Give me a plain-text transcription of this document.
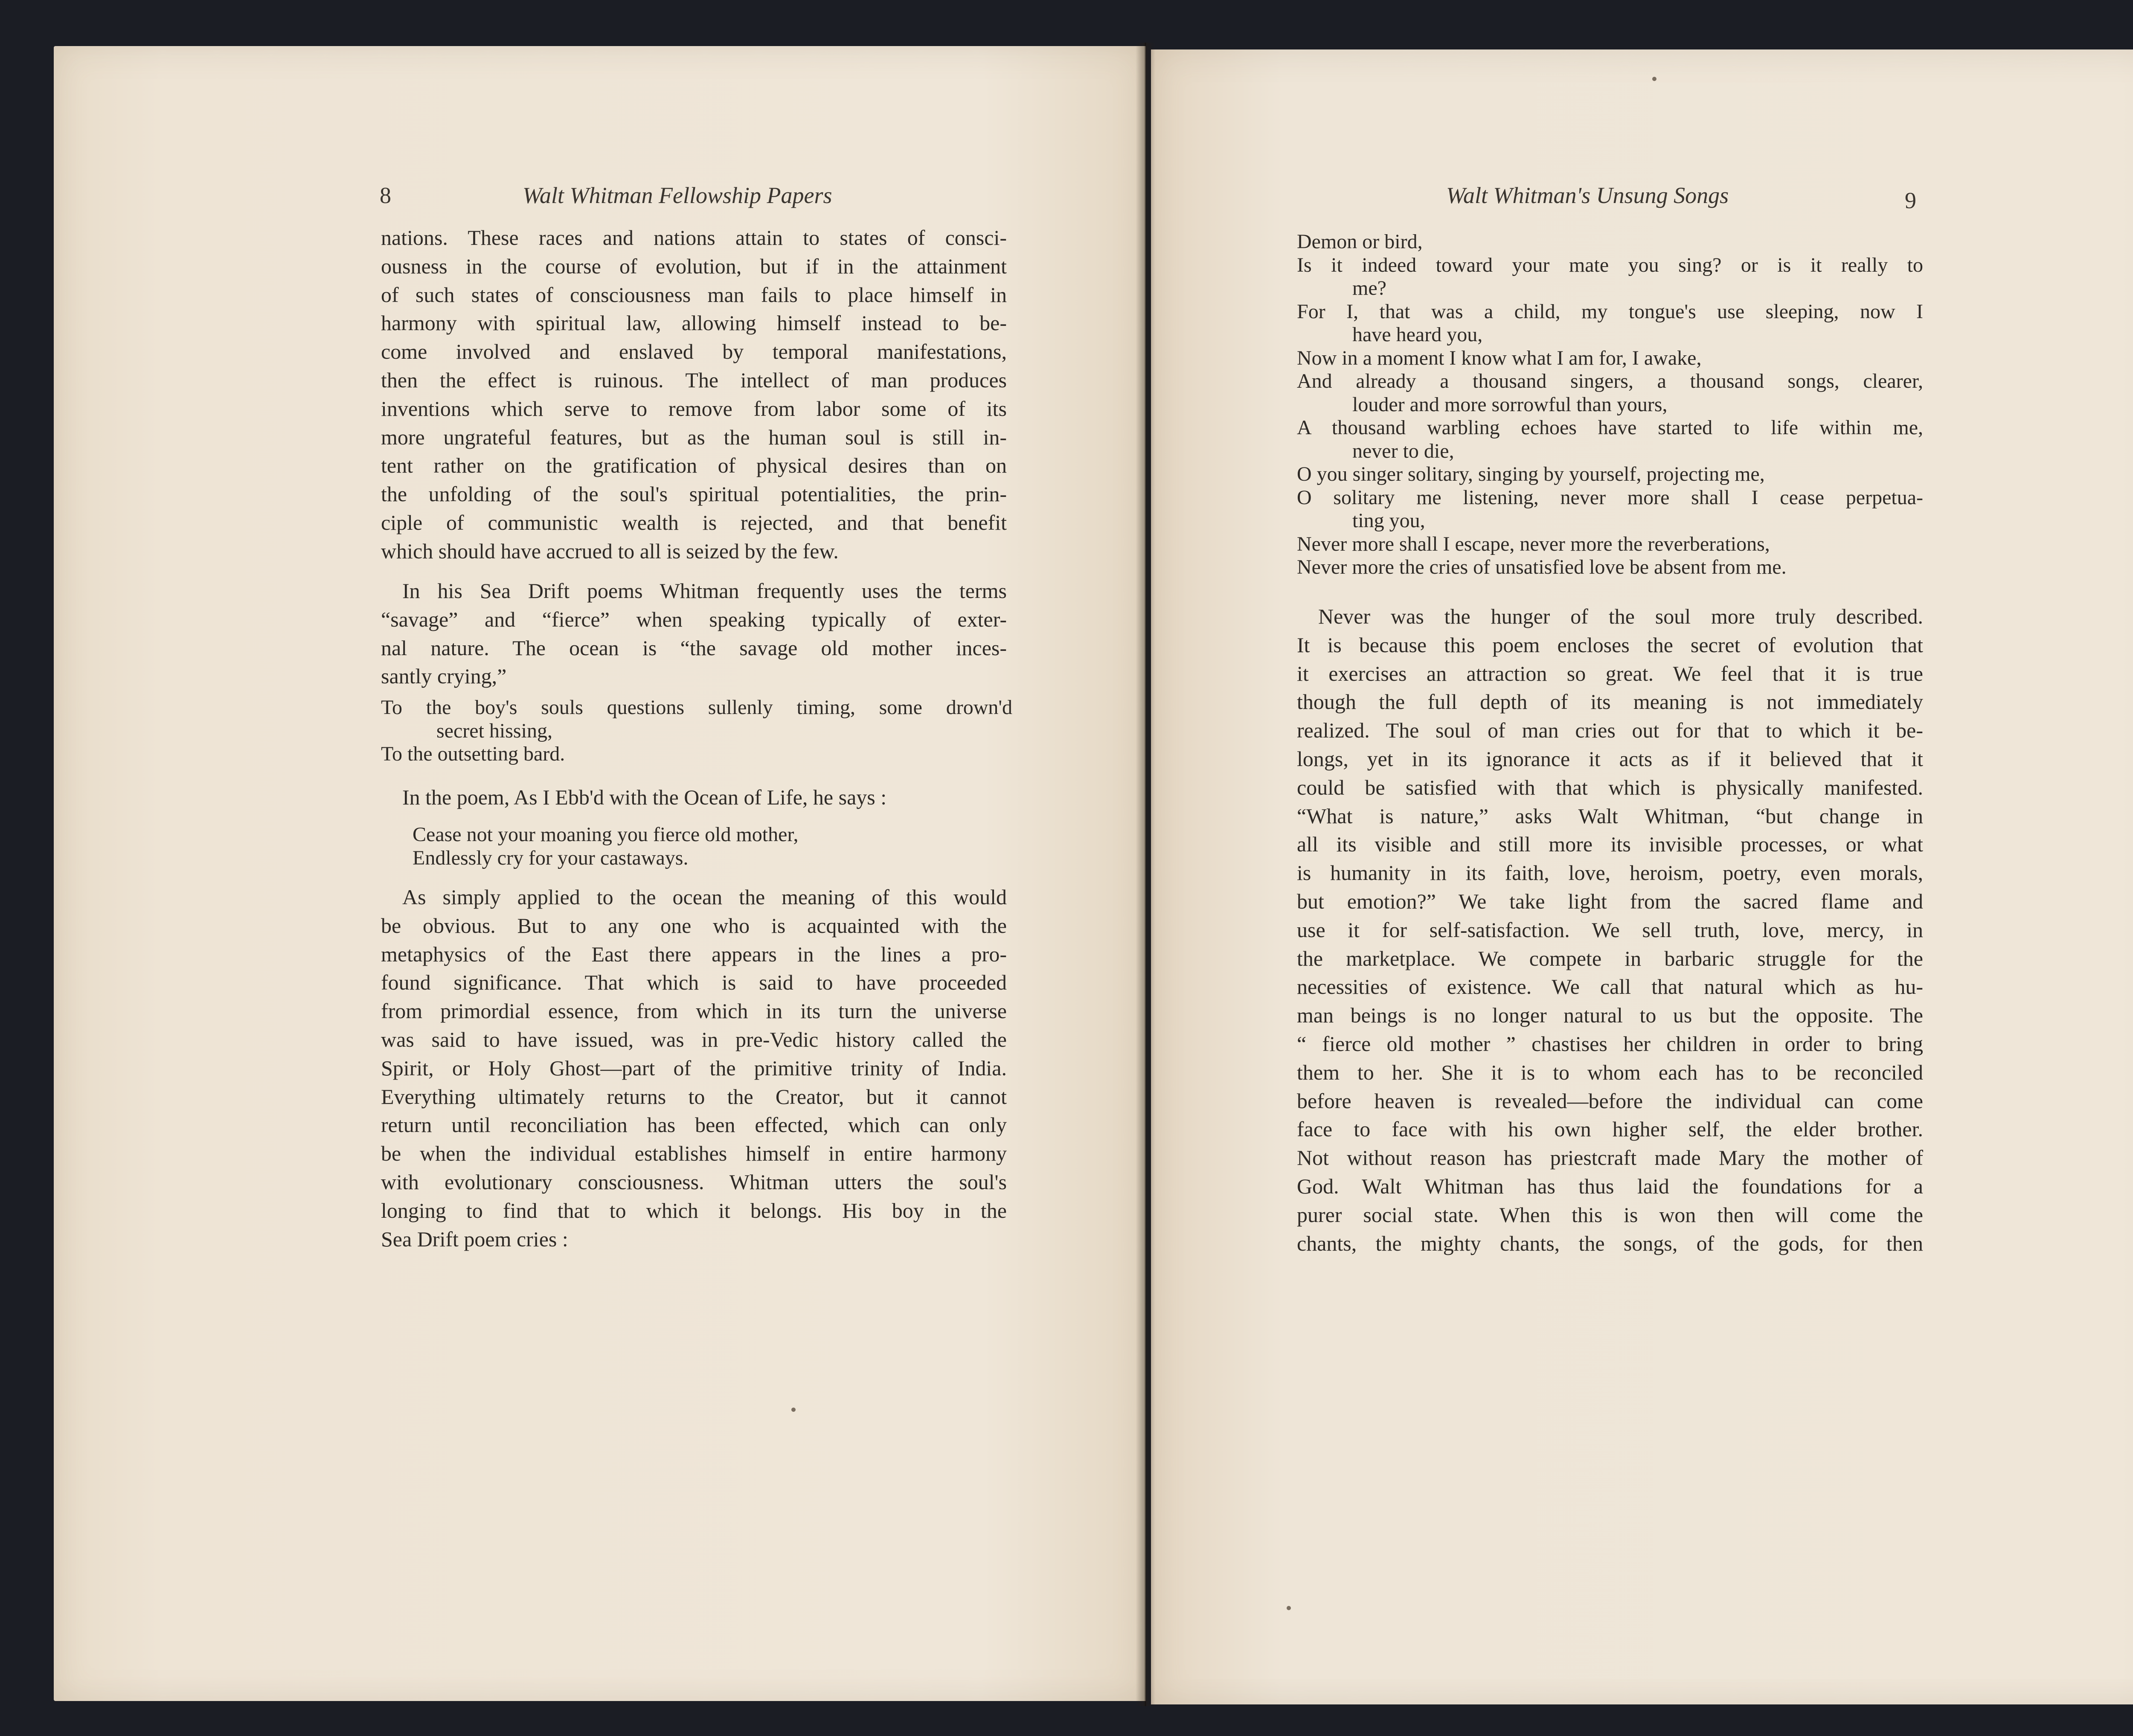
8	Walt Whitman Fellowship Papers

nations. These races and nations attain to states of consci-

ousness in the course of evolution, but if in the attainment

of such states of consciousness man fails to place himself in

harmony with spiritual law, allowing himself instead to be-

come involved and enslaved by temporal manifestations,

then the effect is ruinous. The intellect of man produces

inventions which serve to remove from labor some of its

more ungrateful features, but as the human soul is still in-

tent rather on the gratification of physical desires than on

the unfolding of the soul's spiritual potentialities, the prin-

ciple of communistic wealth is rejected, and that benefit

which should have accrued to all is seized by the few.

In his Sea Drift poems Whitman frequently uses the terms

“savage” and “fierce” when speaking typically of exter-

nal nature. The ocean is “the savage old mother inces-

santly crying,”

To the boy's souls questions sullenly timing, some drown'd

secret hissing,

To the outsetting bard.

In the poem, As I Ebb'd with the Ocean of Life, he says :

Cease not your moaning you fierce old mother,

Endlessly cry for your castaways.

As simply applied to the ocean the meaning of this would

be obvious. But to any one who is acquainted with the

metaphysics of the East there appears in the lines a pro-

found significance. That which is said to have proceeded

from primordial essence, from which in its turn the universe

was said to have issued, was in pre-Vedic history called the

Spirit, or Holy Ghost—part of the primitive trinity of India.

Everything ultimately returns to the Creator, but it cannot

return until reconciliation has been effected, which can only

be when the individual establishes himself in entire harmony

with evolutionary consciousness. Whitman utters the soul's

longing to find that to which it belongs. His boy in the

Sea Drift poem cries :

Walt Whitman's Unsung Songs	9

Demon or bird,

Is it indeed toward your mate you sing? or is it really to

me?

For I, that was a child, my tongue's use sleeping, now I

have heard you,

Now in a moment I know what I am for, I awake,

And already a thousand singers, a thousand songs, clearer,

louder and more sorrowful than yours,

A thousand warbling echoes have started to life within me,

never to die,

O you singer solitary, singing by yourself, projecting me,

O solitary me listening, never more shall I cease perpetua-

ting you,

Never more shall I escape, never more the reverberations,

Never more the cries of unsatisfied love be absent from me.

Never was the hunger of the soul more truly described.

It is because this poem encloses the secret of evolution that

it exercises an attraction so great. We feel that it is true

though the full depth of its meaning is not immediately

realized. The soul of man cries out for that to which it be-

longs, yet in its ignorance it acts as if it believed that it

could be satisfied with that which is physically manifested.

“What is nature,” asks Walt Whitman, “but change in

all its visible and still more its invisible processes, or what

is humanity in its faith, love, heroism, poetry, even morals,

but emotion?” We take light from the sacred flame and

use it for self-satisfaction. We sell truth, love, mercy, in

the marketplace. We compete in barbaric struggle for the

necessities of existence. We call that natural which as hu-

man beings is no longer natural to us but the opposite. The

“ fierce old mother ” chastises her children in order to bring

them to her. She it is to whom each has to be reconciled

before heaven is revealed—before the individual can come

face to face with his own higher self, the elder brother.

Not without reason has priestcraft made Mary the mother of

God. Walt Whitman has thus laid the foundations for a

purer social state. When this is won then will come the

chants, the mighty chants, the songs, of the gods, for then
